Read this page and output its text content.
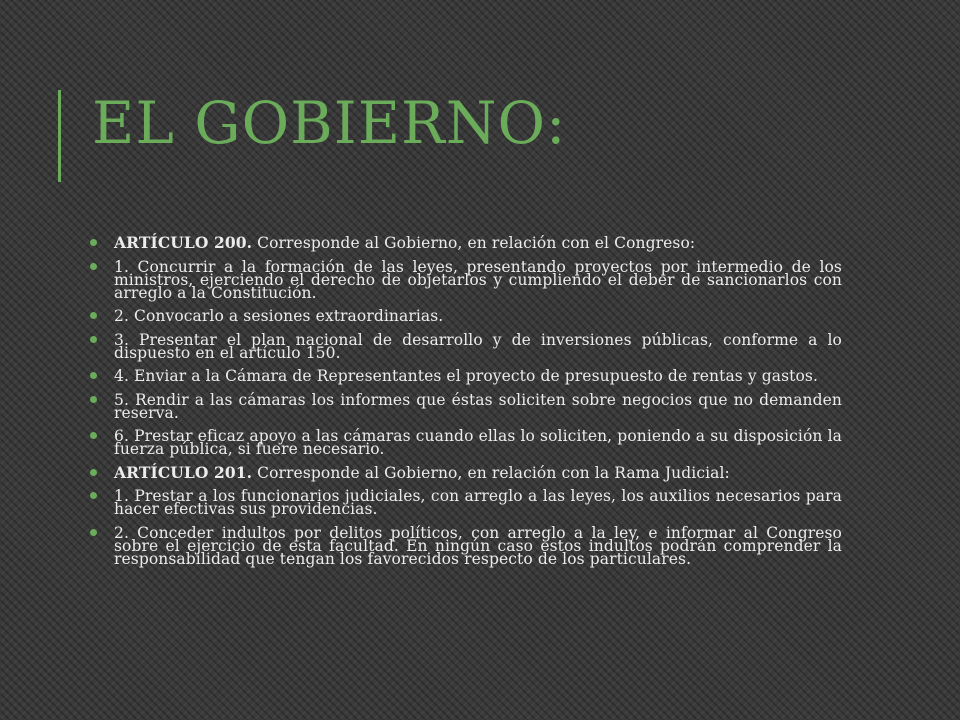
EL GOBIERNO:
ARTÍCULO 200. Corresponde al Gobierno, en relación con el Congreso:
1. Concurrir a la formación de las leyes, presentando proyectos por intermedio de los ministros, ejerciendo el derecho de objetarlos y cumpliendo el deber de sancionarlos con arreglo a la Constitución.
2. Convocarlo a sesiones extraordinarias.
3. Presentar el plan nacional de desarrollo y de inversiones públicas, conforme a lo dispuesto en el artículo 150.
4. Enviar a la Cámara de Representantes el proyecto de presupuesto de rentas y gastos.
5. Rendir a las cámaras los informes que éstas soliciten sobre negocios que no demanden reserva.
6. Prestar eficaz apoyo a las cámaras cuando ellas lo soliciten, poniendo a su disposición la fuerza pública, si fuere necesario.
ARTÍCULO 201. Corresponde al Gobierno, en relación con la Rama Judicial:
1. Prestar a los funcionarios judiciales, con arreglo a las leyes, los auxilios necesarios para hacer efectivas sus providencias.
2. Conceder indultos por delitos políticos, con arreglo a la ley, e informar al Congreso sobre el ejercicio de esta facultad. En ningún caso estos indultos podrán comprender la responsabilidad que tengan los favorecidos respecto de los particulares.
